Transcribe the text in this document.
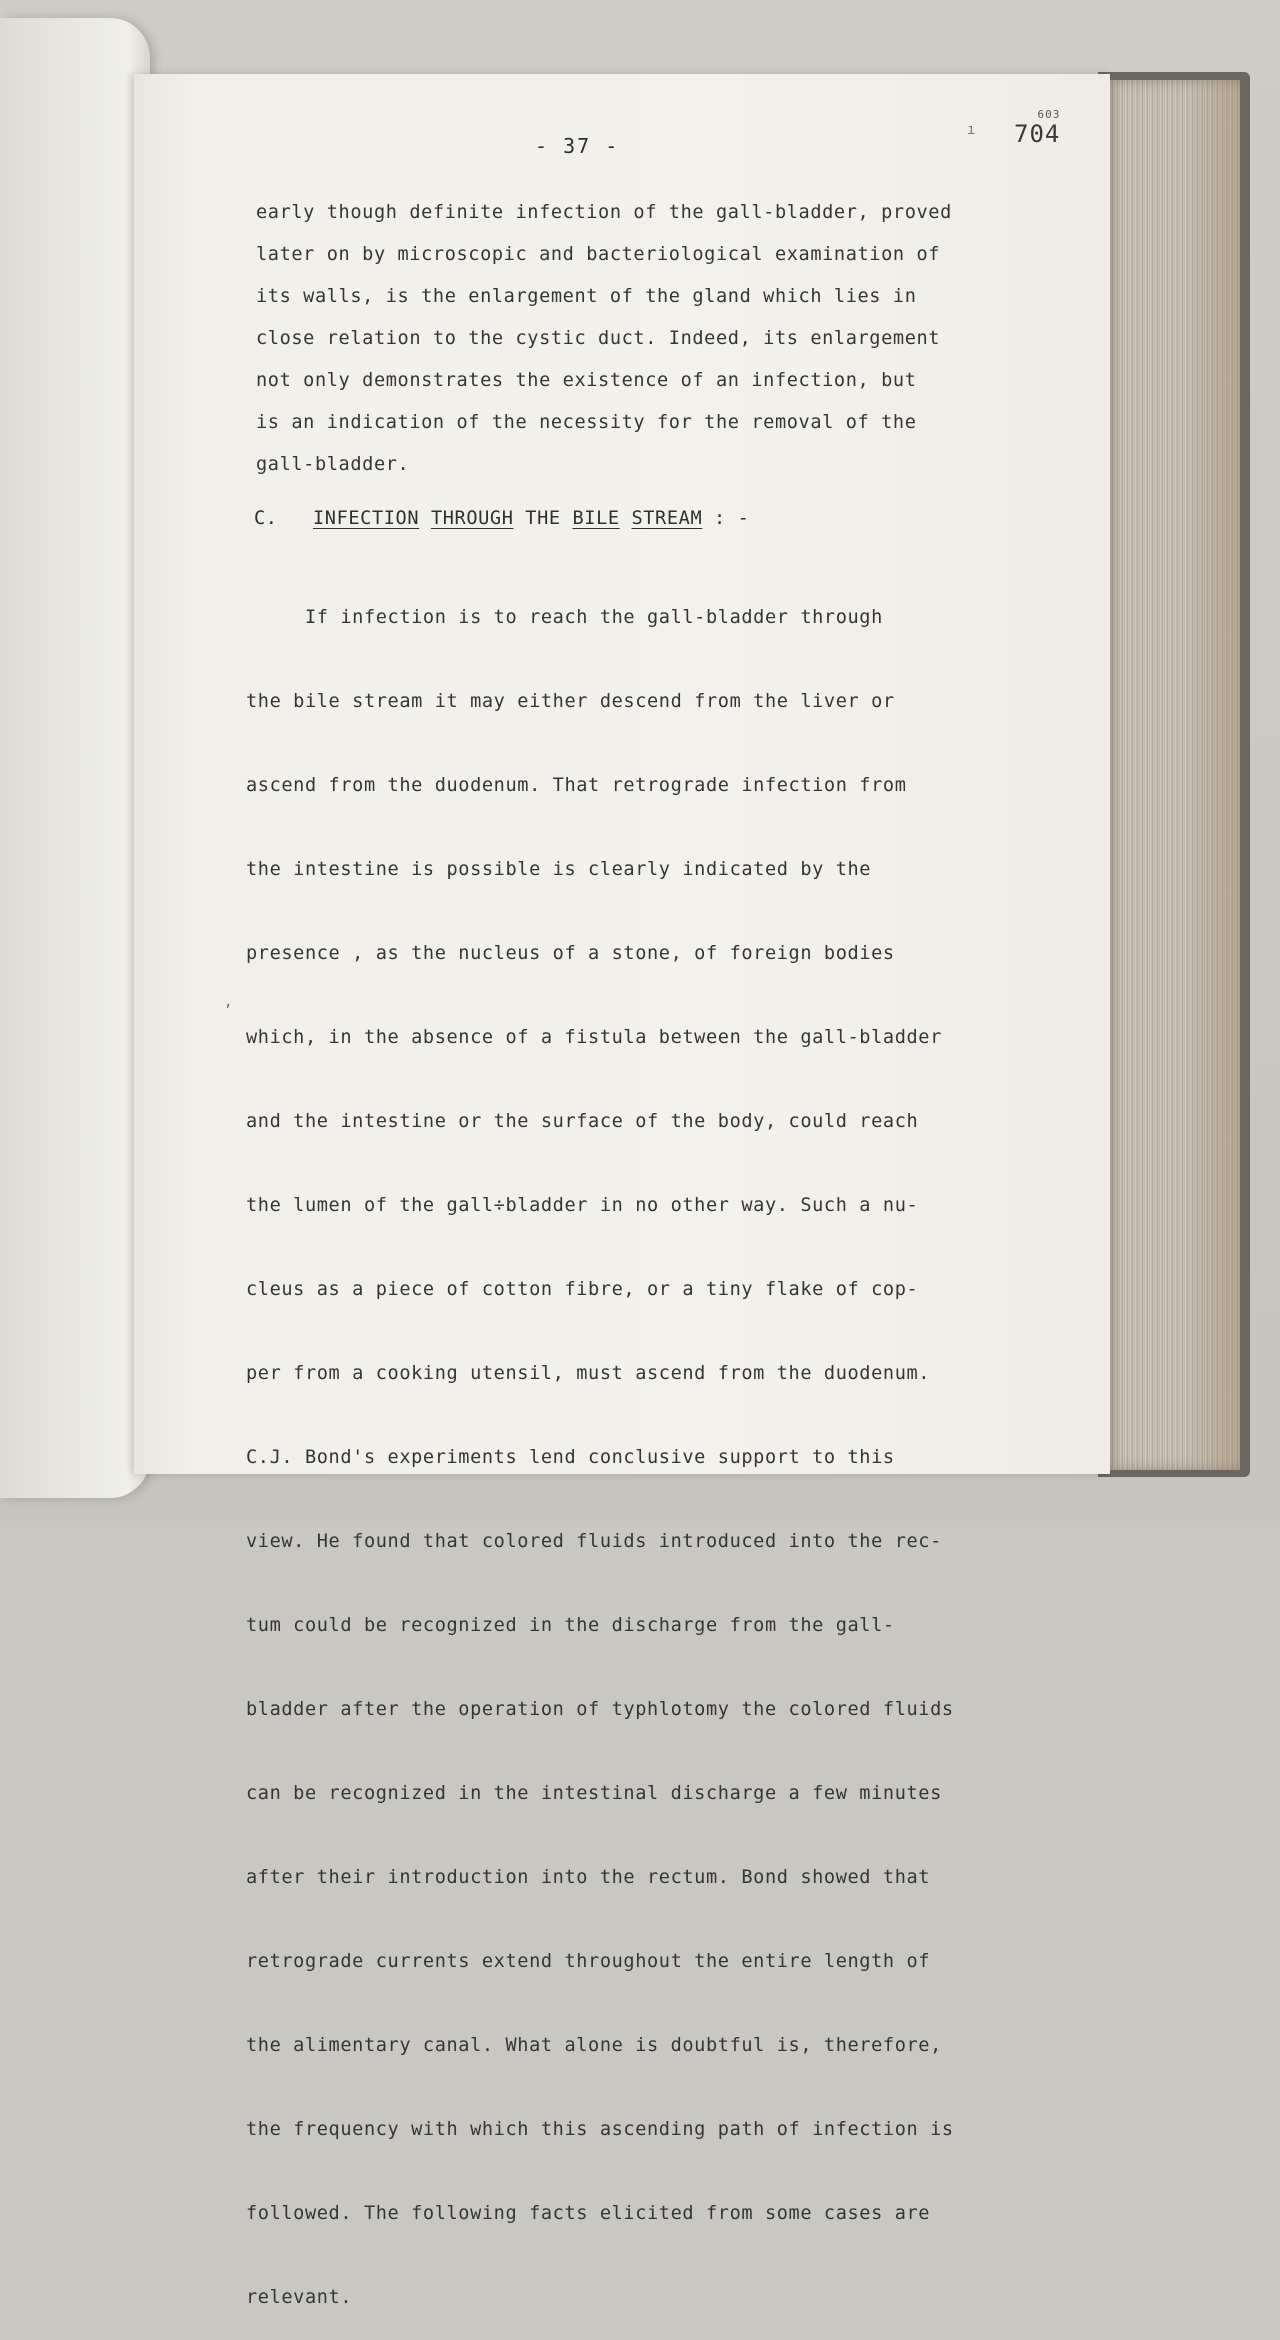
- 37 -
ı
603
704
early though definite infection of the gall-bladder, proved
later on by microscopic and bacteriological examination of
its walls, is the enlargement of the gland which lies in
close relation to the cystic duct. Indeed, its enlargement
not only demonstrates the existence of an infection, but
is an indication of the necessity for the removal of the
gall-bladder.
C. INFECTION THROUGH THE BILE STREAM : -

If infection is to reach the gall-bladder through

the bile stream it may either descend from the liver or

ascend from the duodenum. That retrograde infection from

the intestine is possible is clearly indicated by the

presence , as the nucleus of a stone, of foreign bodies

which, in the absence of a fistula between the gall-bladder

and the intestine or the surface of the body, could reach

the lumen of the gall÷bladder in no other way. Such a nu-

cleus as a piece of cotton fibre, or a tiny flake of cop-

per from a cooking utensil, must ascend from the duodenum.

C.J. Bond's experiments lend conclusive support to this

view. He found that colored fluids introduced into the rec-

tum could be recognized in the discharge from the gall-

bladder after the operation of typhlotomy the colored fluids

can be recognized in the intestinal discharge a few minutes

after their introduction into the rectum. Bond showed that

retrograde currents extend throughout the entire length of

the alimentary canal. What alone is doubtful is, therefore,

the frequency with which this ascending path of infection is

followed. The following facts elicited from some cases are

relevant.

‚
